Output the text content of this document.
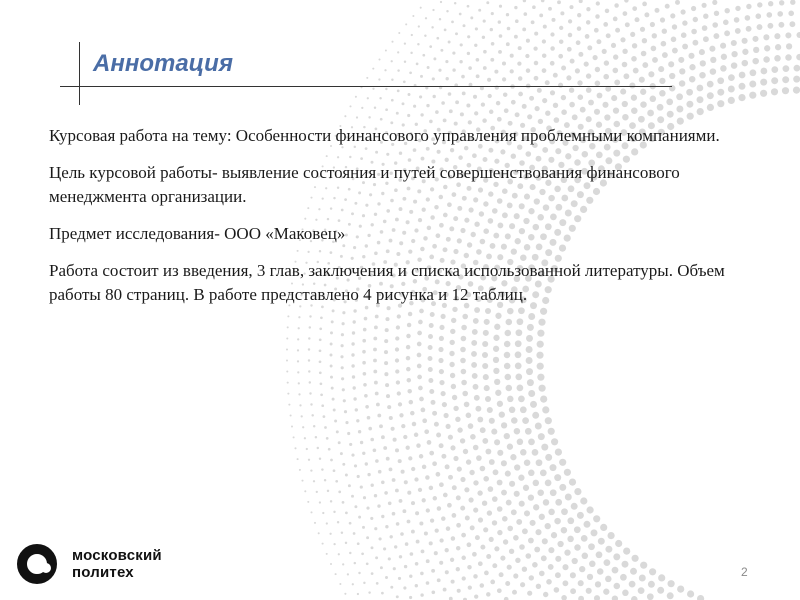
Аннотация

Курсовая работа на тему: Особенности финансового управления проблемными компаниями.

Цель курсовой работы- выявление состояния и путей совершенствования финансового менеджмента организации.

Предмет исследования- ООО «Маковец»

Работа состоит из введения, 3 глав, заключения и списка использованной литературы. Объем работы 80 страниц. В работе представлено 4 рисунка и 12 таблиц.

московский
политех	2
